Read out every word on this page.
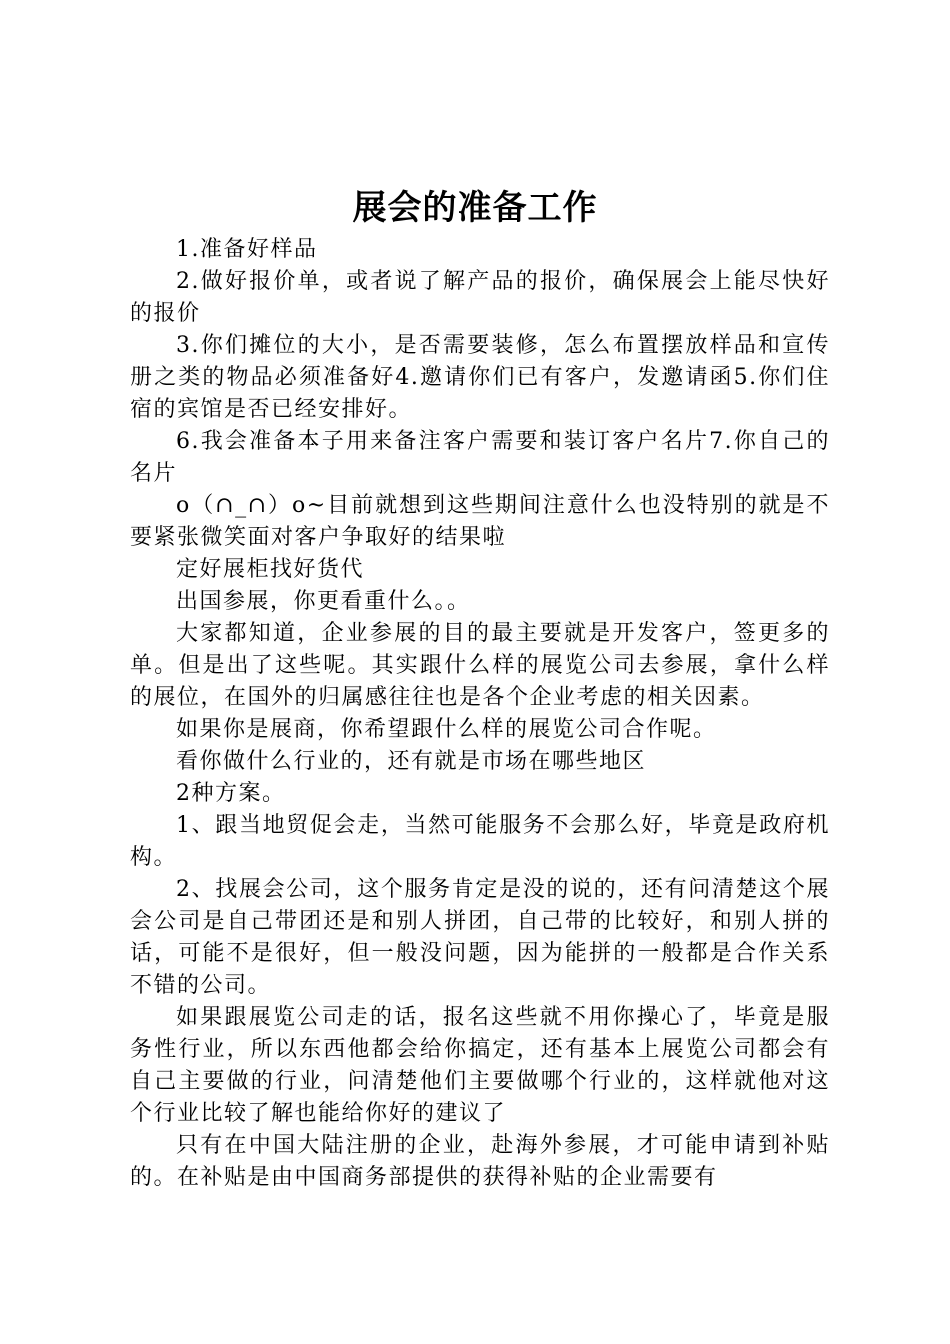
展会的准备工作

1.准备好样品

2.做好报价单，或者说了解产品的报价，确保展会上能尽快好的报价

3.你们摊位的大小，是否需要装修，怎么布置摆放样品和宣传册之类的物品必须准备好4.邀请你们已有客户，发邀请函5.你们住宿的宾馆是否已经安排好。

6.我会准备本子用来备注客户需要和装订客户名片7.你自己的名片

o（∩_∩）o~目前就想到这些期间注意什么也没特别的就是不要紧张微笑面对客户争取好的结果啦

定好展柜找好货代

出国参展，你更看重什么。。

大家都知道，企业参展的目的最主要就是开发客户，签更多的单。但是出了这些呢。其实跟什么样的展览公司去参展，拿什么样的展位，在国外的归属感往往也是各个企业考虑的相关因素。

如果你是展商，你希望跟什么样的展览公司合作呢。

看你做什么行业的，还有就是市场在哪些地区

2种方案。

1、跟当地贸促会走，当然可能服务不会那么好，毕竟是政府机构。

2、找展会公司，这个服务肯定是没的说的，还有问清楚这个展会公司是自己带团还是和别人拼团，自己带的比较好，和别人拼的话，可能不是很好，但一般没问题，因为能拼的一般都是合作关系不错的公司。

如果跟展览公司走的话，报名这些就不用你操心了，毕竟是服务性行业，所以东西他都会给你搞定，还有基本上展览公司都会有自己主要做的行业，问清楚他们主要做哪个行业的，这样就他对这个行业比较了解也能给你好的建议了

只有在中国大陆注册的企业，赴海外参展，才可能申请到补贴的。在补贴是由中国商务部提供的获得补贴的企业需要有
